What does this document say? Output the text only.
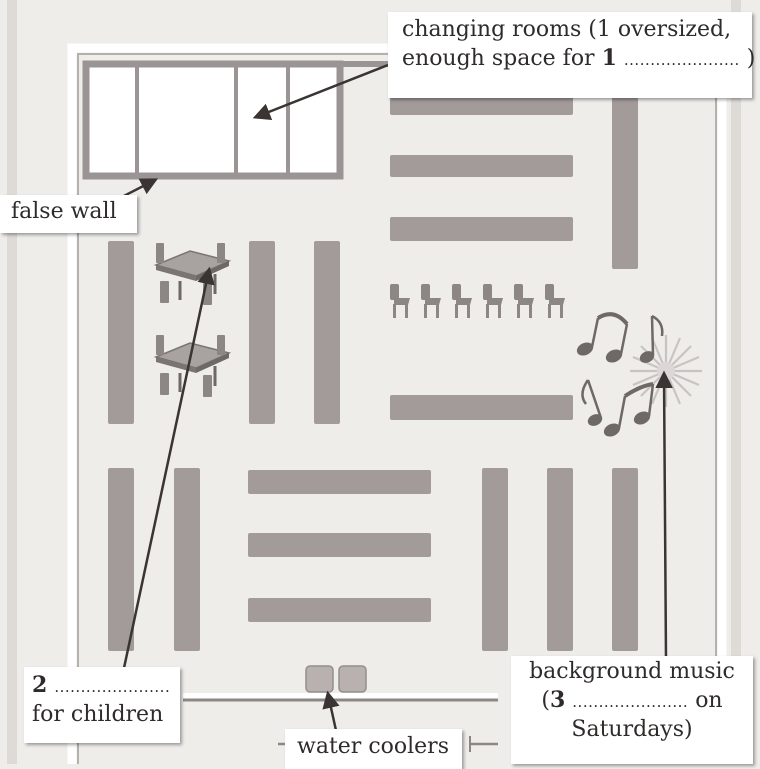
changing rooms (1 oversized,
enough space for 1 ...................... )
false wall
2 ......................
for children
water coolers
background music
(3 ...................... on
Saturdays)
